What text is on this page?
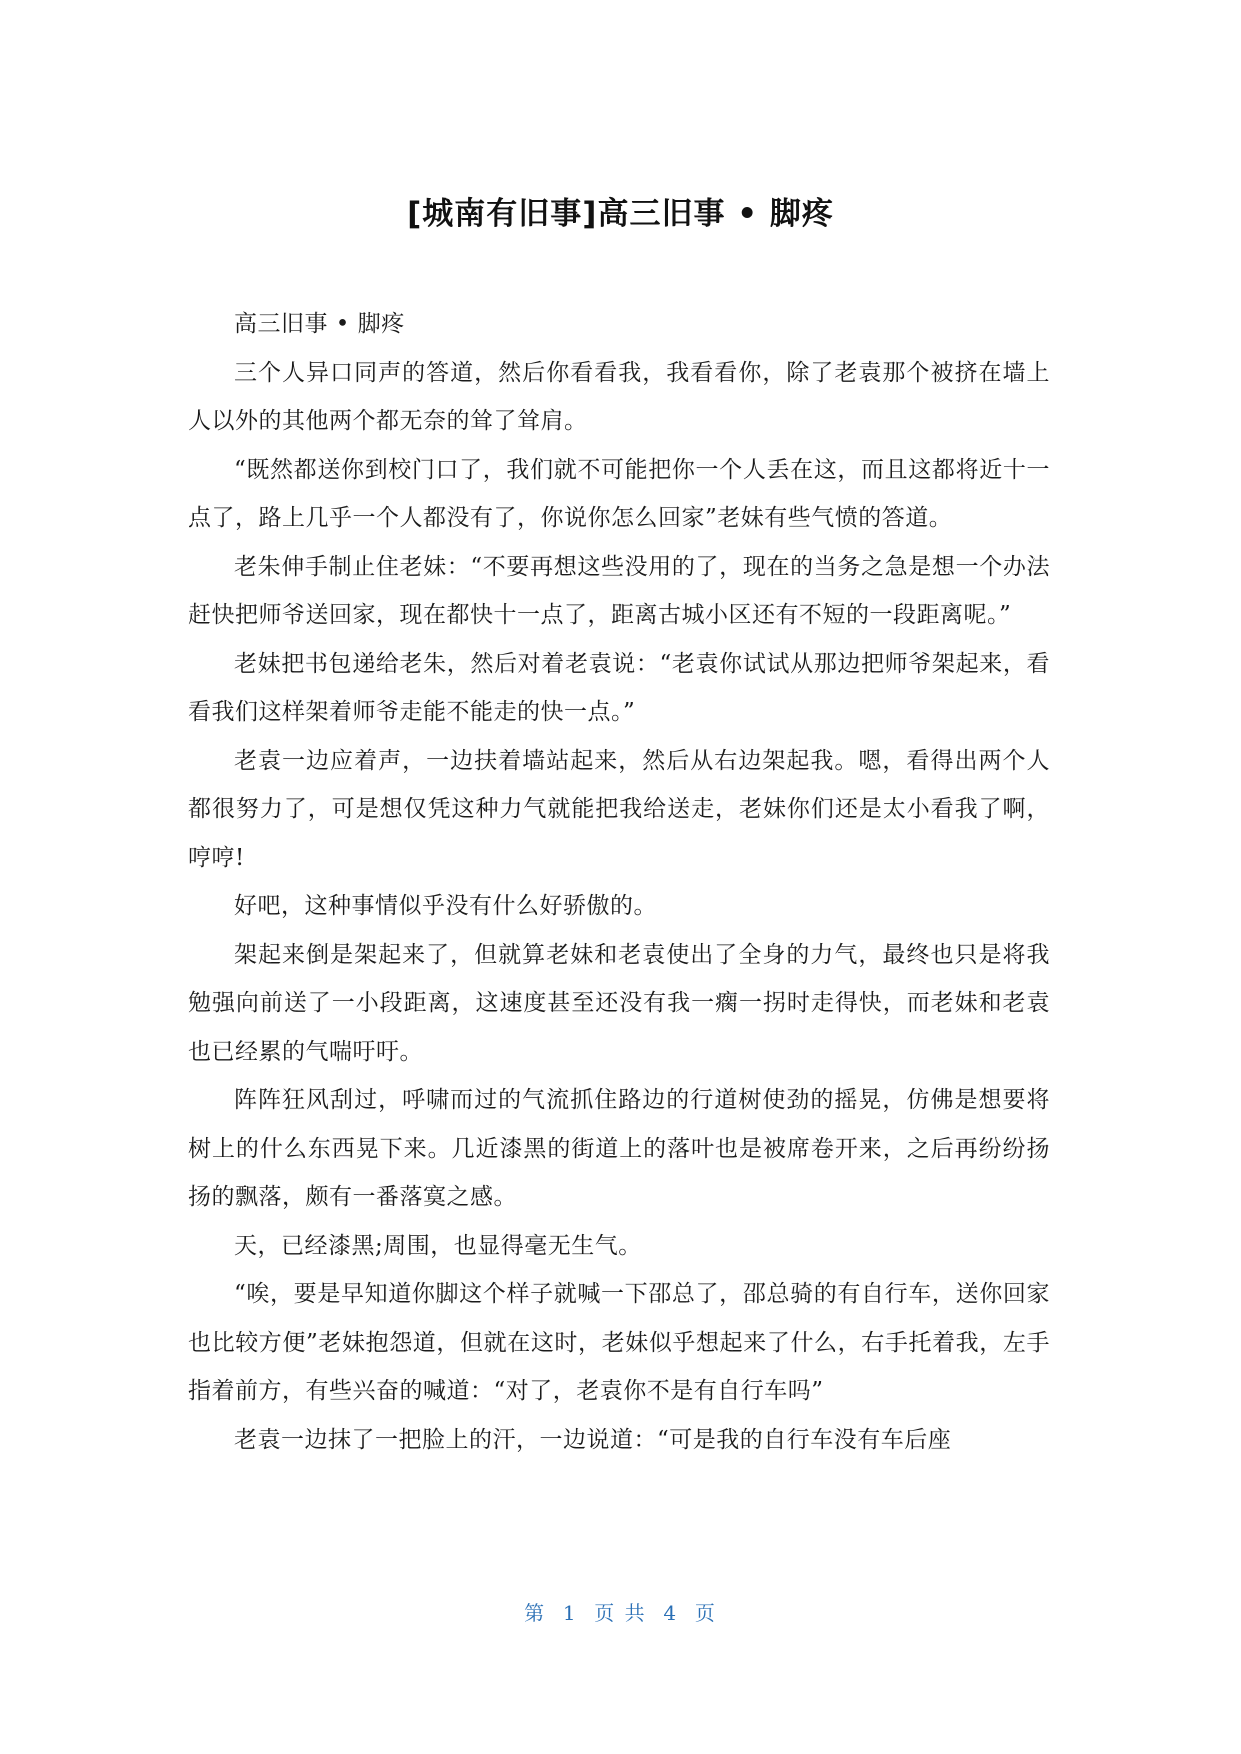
[城南有旧事]高三旧事 • 脚疼

高三旧事 • 脚疼

三个人异口同声的答道，然后你看看我，我看看你，除了老袁那个被挤在墙上人以外的其他两个都无奈的耸了耸肩。

“既然都送你到校门口了，我们就不可能把你一个人丢在这，而且这都将近十一点了，路上几乎一个人都没有了，你说你怎么回家”老妹有些气愤的答道。

老朱伸手制止住老妹：“不要再想这些没用的了，现在的当务之急是想一个办法赶快把师爷送回家，现在都快十一点了，距离古城小区还有不短的一段距离呢。”

老妹把书包递给老朱，然后对着老袁说：“老袁你试试从那边把师爷架起来，看看我们这样架着师爷走能不能走的快一点。”

老袁一边应着声，一边扶着墙站起来，然后从右边架起我。嗯，看得出两个人都很努力了，可是想仅凭这种力气就能把我给送走，老妹你们还是太小看我了啊，哼哼!

好吧，这种事情似乎没有什么好骄傲的。

架起来倒是架起来了，但就算老妹和老袁使出了全身的力气，最终也只是将我勉强向前送了一小段距离，这速度甚至还没有我一瘸一拐时走得快，而老妹和老袁也已经累的气喘吁吁。

阵阵狂风刮过，呼啸而过的气流抓住路边的行道树使劲的摇晃，仿佛是想要将树上的什么东西晃下来。几近漆黑的街道上的落叶也是被席卷开来，之后再纷纷扬扬的飘落，颇有一番落寞之感。

天，已经漆黑;周围，也显得毫无生气。

“唉，要是早知道你脚这个样子就喊一下邵总了，邵总骑的有自行车，送你回家也比较方便”老妹抱怨道，但就在这时，老妹似乎想起来了什么，右手托着我，左手指着前方，有些兴奋的喊道：“对了，老袁你不是有自行车吗”

老袁一边抹了一把脸上的汗，一边说道：“可是我的自行车没有车后座

第  1  页 共  4  页
